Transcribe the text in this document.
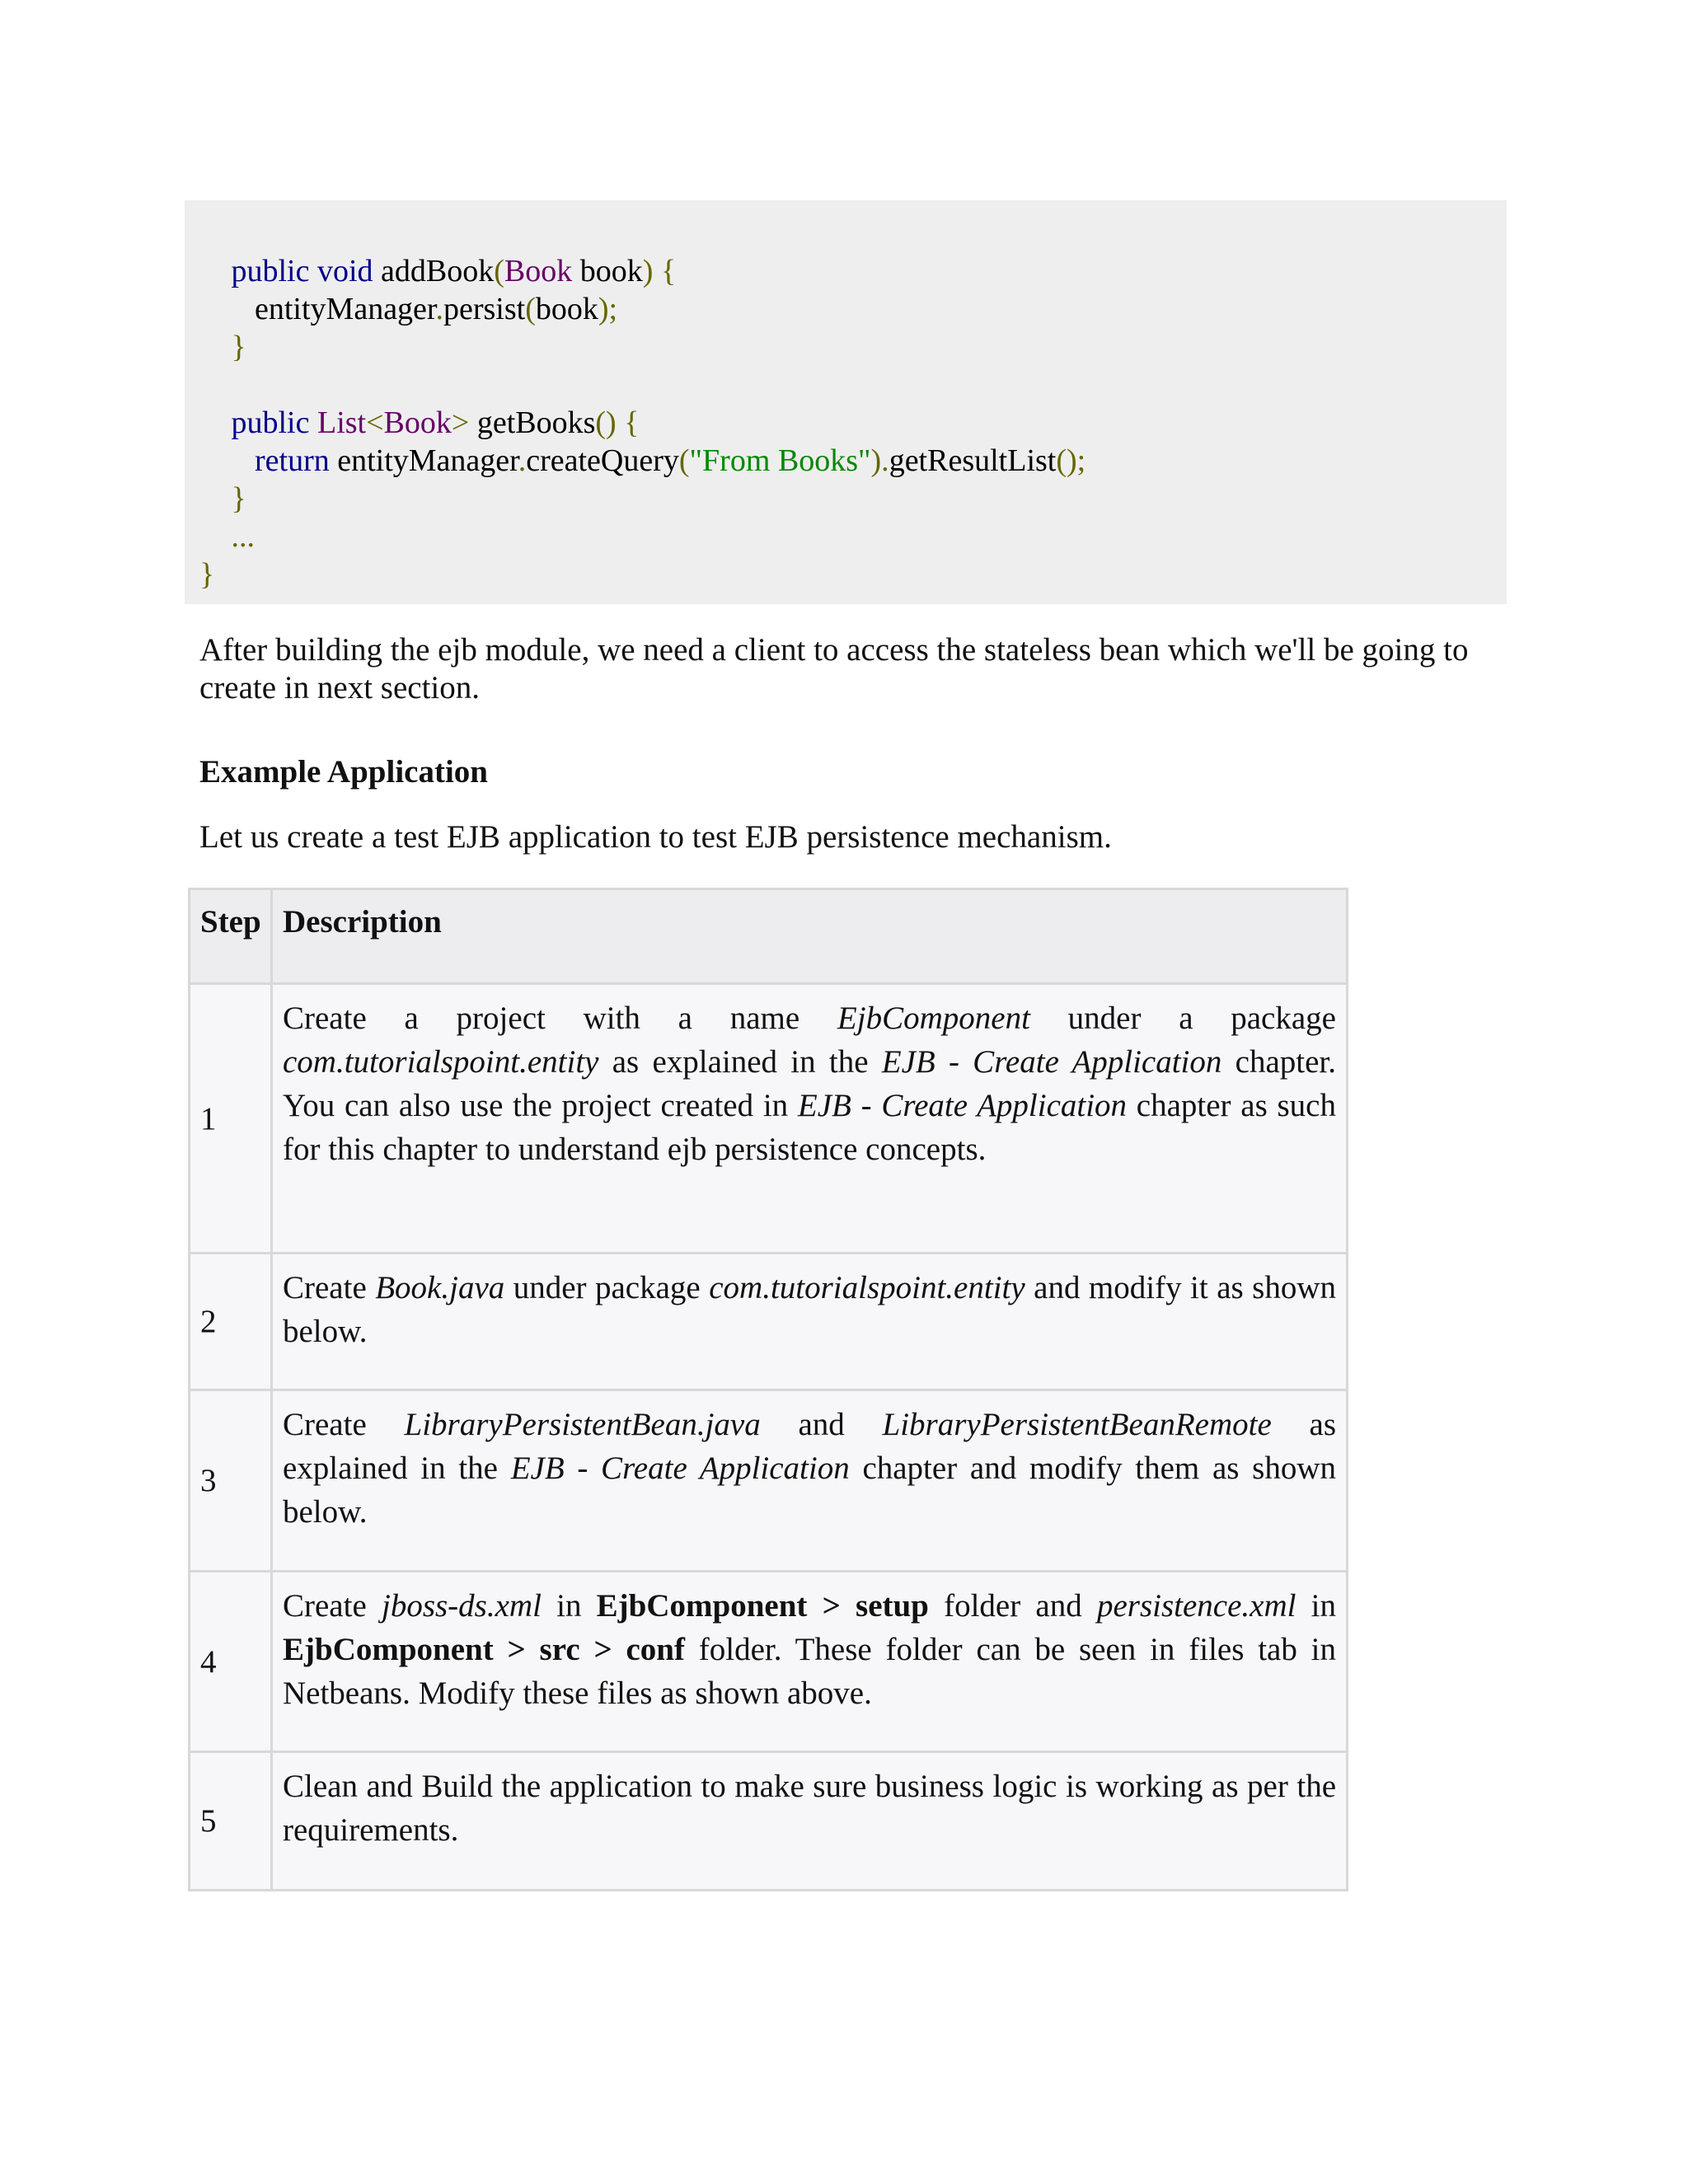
public void addBook(Book book) {
entityManager.persist(book);
}
public List<Book> getBooks() {
return entityManager.createQuery("From Books").getResultList();
}
...
}
After building the ejb module, we need a client to access the stateless bean which we'll be going to create in next section.
Example Application
Let us create a test EJB application to test EJB persistence mechanism.
Step Description
1
Create a project with a name EjbComponent under a package com.tutorialspoint.entity as explained in the EJB - Create Application chapter. You can also use the project created in EJB - Create Application chapter as such for this chapter to understand ejb persistence concepts.
2
Create Book.java under package com.tutorialspoint.entity and modify it as shown below.
3
Create LibraryPersistentBean.java and LibraryPersistentBeanRemote as explained in the EJB - Create Application chapter and modify them as shown below.
4
Create jboss-ds.xml in EjbComponent > setup folder and persistence.xml in EjbComponent > src > conf folder. These folder can be seen in files tab in Netbeans. Modify these files as shown above.
5
Clean and Build the application to make sure business logic is working as per the requirements.
